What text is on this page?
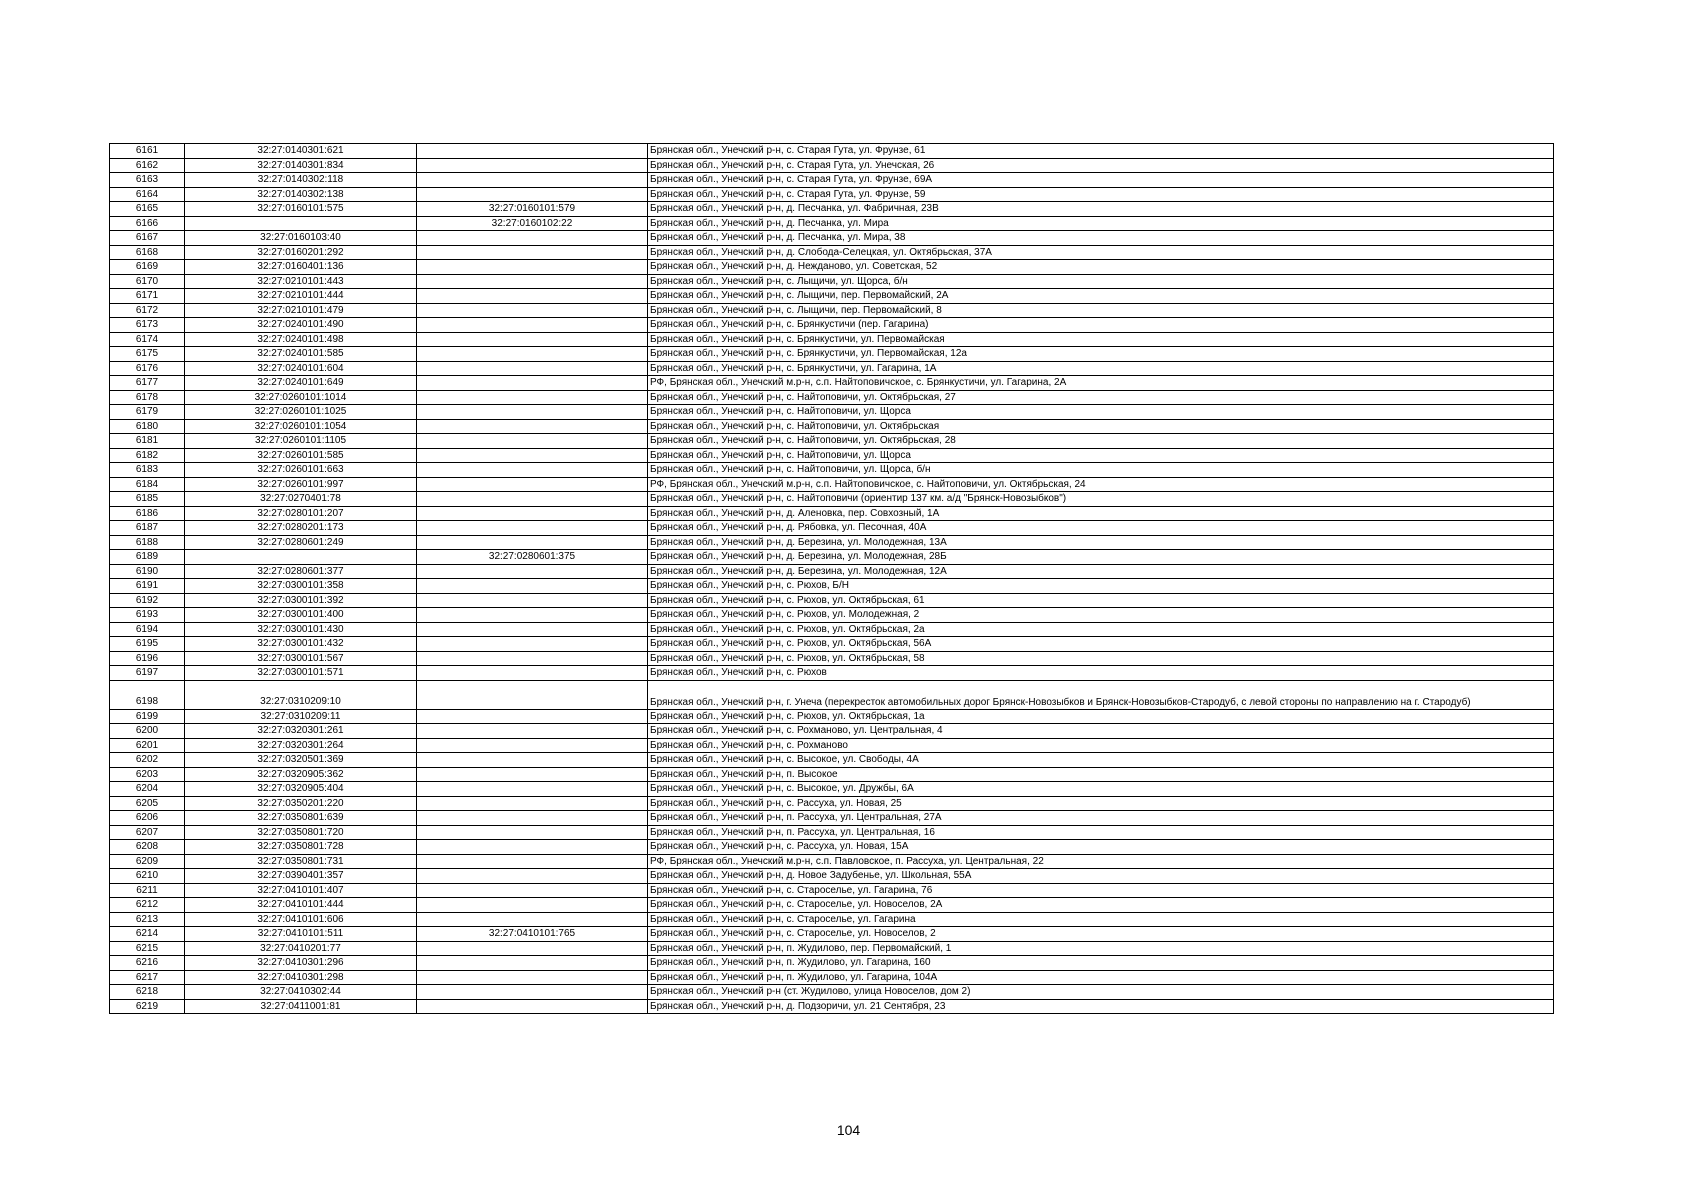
6161	32:27:0140301:621		Брянская обл., Унечский р-н, с. Старая Гута, ул. Фрунзе, 61
6162	32:27:0140301:834		Брянская обл., Унечский р-н, с. Старая Гута, ул. Унечская, 26
6163	32:27:0140302:118		Брянская обл., Унечский р-н, с. Старая Гута, ул. Фрунзе, 69А
6164	32:27:0140302:138		Брянская обл., Унечский р-н, с. Старая Гута, ул. Фрунзе, 59
6165	32:27:0160101:575	32:27:0160101:579	Брянская обл., Унечский р-н, д. Песчанка, ул. Фабричная, 23В
6166		32:27:0160102:22	Брянская обл., Унечский р-н, д. Песчанка, ул. Мира
6167	32:27:0160103:40		Брянская обл., Унечский р-н, д. Песчанка, ул. Мира, 38
6168	32:27:0160201:292		Брянская обл., Унечский р-н, д. Слобода-Селецкая, ул. Октябрьская, 37А
6169	32:27:0160401:136		Брянская обл., Унечский р-н, д. Нежданово, ул. Советская, 52
6170	32:27:0210101:443		Брянская обл., Унечский р-н, с. Лыщичи, ул. Щорса, б/н
6171	32:27:0210101:444		Брянская обл., Унечский р-н, с. Лыщичи, пер. Первомайский, 2А
6172	32:27:0210101:479		Брянская обл., Унечский р-н, с. Лыщичи, пер. Первомайский, 8
6173	32:27:0240101:490		Брянская обл., Унечский р-н, с. Брянкустичи (пер. Гагарина)
6174	32:27:0240101:498		Брянская обл., Унечский р-н, с. Брянкустичи, ул. Первомайская
6175	32:27:0240101:585		Брянская обл., Унечский р-н, с. Брянкустичи, ул. Первомайская, 12а
6176	32:27:0240101:604		Брянская обл., Унечский р-н, с. Брянкустичи, ул. Гагарина, 1А
6177	32:27:0240101:649		РФ, Брянская обл., Унечский м.р-н, с.п. Найтоповичское, с. Брянкустичи, ул. Гагарина, 2А
6178	32:27:0260101:1014		Брянская обл., Унечский р-н, с. Найтоповичи, ул. Октябрьская, 27
6179	32:27:0260101:1025		Брянская обл., Унечский р-н, с. Найтоповичи, ул. Щорса
6180	32:27:0260101:1054		Брянская обл., Унечский р-н, с. Найтоповичи, ул. Октябрьская
6181	32:27:0260101:1105		Брянская обл., Унечский р-н, с. Найтоповичи, ул. Октябрьская, 28
6182	32:27:0260101:585		Брянская обл., Унечский р-н, с. Найтоповичи, ул. Щорса
6183	32:27:0260101:663		Брянская обл., Унечский р-н, с. Найтоповичи, ул. Щорса, б/н
6184	32:27:0260101:997		РФ, Брянская обл., Унечский м.р-н, с.п. Найтоповичское, с. Найтоповичи, ул. Октябрьская, 24
6185	32:27:0270401:78		Брянская обл., Унечский р-н, с. Найтоповичи (ориентир 137 км. а/д "Брянск-Новозыбков")
6186	32:27:0280101:207		Брянская обл., Унечский р-н, д. Аленовка, пер. Совхозный, 1А
6187	32:27:0280201:173		Брянская обл., Унечский р-н, д. Рябовка, ул. Песочная, 40А
6188	32:27:0280601:249		Брянская обл., Унечский р-н, д. Березина, ул. Молодежная, 13А
6189		32:27:0280601:375	Брянская обл., Унечский р-н, д. Березина, ул. Молодежная, 28Б
6190	32:27:0280601:377		Брянская обл., Унечский р-н, д. Березина, ул. Молодежная, 12А
6191	32:27:0300101:358		Брянская обл., Унечский р-н, с. Рюхов, Б/Н
6192	32:27:0300101:392		Брянская обл., Унечский р-н, с. Рюхов, ул. Октябрьская, 61
6193	32:27:0300101:400		Брянская обл., Унечский р-н, с. Рюхов, ул. Молодежная, 2
6194	32:27:0300101:430		Брянская обл., Унечский р-н, с. Рюхов, ул. Октябрьская, 2а
6195	32:27:0300101:432		Брянская обл., Унечский р-н, с. Рюхов, ул. Октябрьская, 56А
6196	32:27:0300101:567		Брянская обл., Унечский р-н, с. Рюхов, ул. Октябрьская, 58
6197	32:27:0300101:571		Брянская обл., Унечский р-н, с. Рюхов
6198	32:27:0310209:10		Брянская обл., Унечский р-н, г. Унеча (перекресток автомобильных дорог Брянск-Новозыбков и Брянск-Новозыбков-Стародуб, с левой стороны по направлению на г. Стародуб)
6199	32:27:0310209:11		Брянская обл., Унечский р-н, с. Рюхов, ул. Октябрьская, 1а
6200	32:27:0320301:261		Брянская обл., Унечский р-н, с. Рохманово, ул. Центральная, 4
6201	32:27:0320301:264		Брянская обл., Унечский р-н, с. Рохманово
6202	32:27:0320501:369		Брянская обл., Унечский р-н, с. Высокое, ул. Свободы, 4А
6203	32:27:0320905:362		Брянская обл., Унечский р-н, п. Высокое
6204	32:27:0320905:404		Брянская обл., Унечский р-н, с. Высокое, ул. Дружбы, 6А
6205	32:27:0350201:220		Брянская обл., Унечский р-н, с. Рассуха, ул. Новая, 25
6206	32:27:0350801:639		Брянская обл., Унечский р-н, п. Рассуха, ул. Центральная, 27А
6207	32:27:0350801:720		Брянская обл., Унечский р-н, п. Рассуха, ул. Центральная, 16
6208	32:27:0350801:728		Брянская обл., Унечский р-н, с. Рассуха, ул. Новая, 15А
6209	32:27:0350801:731		РФ, Брянская обл., Унечский м.р-н, с.п. Павловское, п. Рассуха, ул. Центральная, 22
6210	32:27:0390401:357		Брянская обл., Унечский р-н, д. Новое Задубенье, ул. Школьная, 55А
6211	32:27:0410101:407		Брянская обл., Унечский р-н, с. Староселье, ул. Гагарина, 76
6212	32:27:0410101:444		Брянская обл., Унечский р-н, с. Староселье, ул. Новоселов, 2А
6213	32:27:0410101:606		Брянская обл., Унечский р-н, с. Староселье, ул. Гагарина
6214	32:27:0410101:511	32:27:0410101:765	Брянская обл., Унечский р-н, с. Староселье, ул. Новоселов, 2
6215	32:27:0410201:77		Брянская обл., Унечский р-н, п. Жудилово, пер. Первомайский, 1
6216	32:27:0410301:296		Брянская обл., Унечский р-н, п. Жудилово, ул. Гагарина, 160
6217	32:27:0410301:298		Брянская обл., Унечский р-н, п. Жудилово, ул. Гагарина, 104А
6218	32:27:0410302:44		Брянская обл., Унечский р-н (ст. Жудилово, улица Новоселов, дом 2)
6219	32:27:0411001:81		Брянская обл., Унечский р-н, д. Подзоричи, ул. 21 Сентября, 23
104
